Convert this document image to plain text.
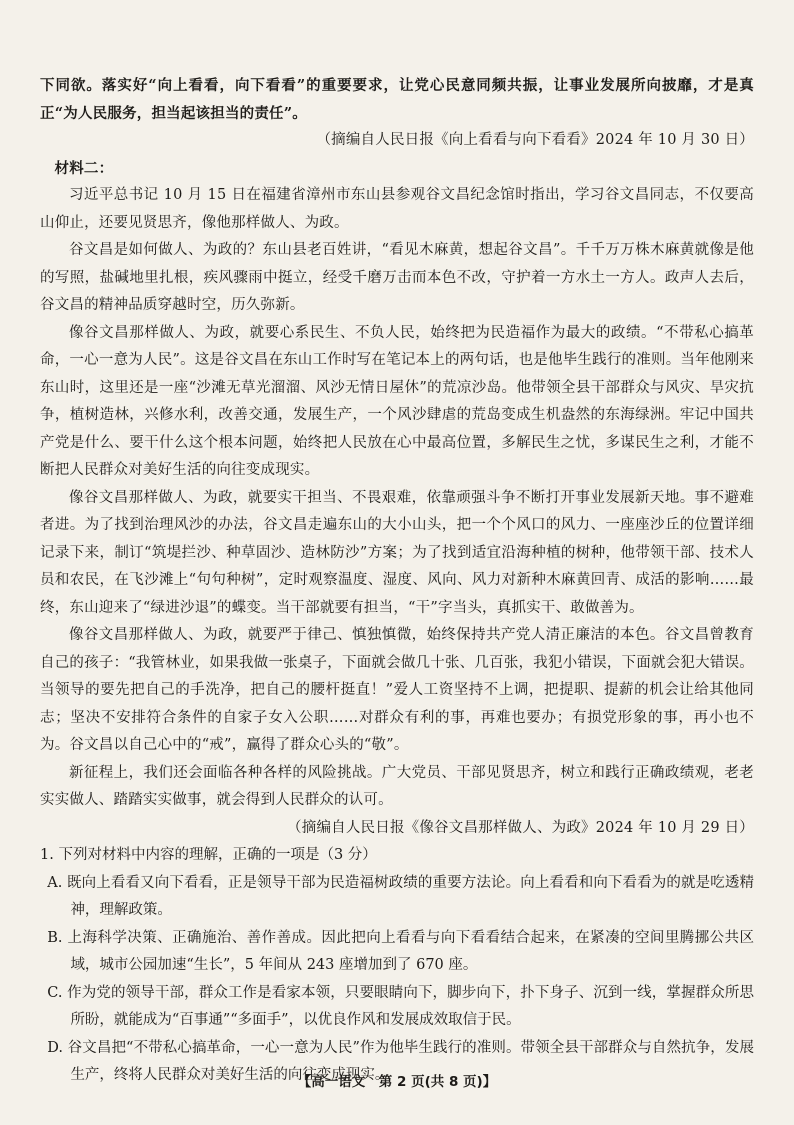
下同欲。落实好“向上看看，向下看看”的重要要求，让党心民意同频共振，让事业发展所向披靡，才是真正“为人民服务，担当起该担当的责任”。

（摘编自人民日报《向上看看与向下看看》2024 年 10 月 30 日）

材料二：

习近平总书记 10 月 15 日在福建省漳州市东山县参观谷文昌纪念馆时指出，学习谷文昌同志，不仅要高山仰止，还要见贤思齐，像他那样做人、为政。

谷文昌是如何做人、为政的？东山县老百姓讲，“看见木麻黄，想起谷文昌”。千千万万株木麻黄就像是他的写照，盐碱地里扎根，疾风骤雨中挺立，经受千磨万击而本色不改，守护着一方水土一方人。政声人去后，谷文昌的精神品质穿越时空，历久弥新。

像谷文昌那样做人、为政，就要心系民生、不负人民，始终把为民造福作为最大的政绩。“不带私心搞革命，一心一意为人民”。这是谷文昌在东山工作时写在笔记本上的两句话，也是他毕生践行的准则。当年他刚来东山时，这里还是一座“沙滩无草光溜溜、风沙无情日屋休”的荒凉沙岛。他带领全县干部群众与风灾、旱灾抗争，植树造林，兴修水利，改善交通，发展生产，一个风沙肆虐的荒岛变成生机盎然的东海绿洲。牢记中国共产党是什么、要干什么这个根本问题，始终把人民放在心中最高位置，多解民生之忧，多谋民生之利，才能不断把人民群众对美好生活的向往变成现实。

像谷文昌那样做人、为政，就要实干担当、不畏艰难，依靠顽强斗争不断打开事业发展新天地。事不避难者进。为了找到治理风沙的办法，谷文昌走遍东山的大小山头，把一个个风口的风力、一座座沙丘的位置详细记录下来，制订“筑堤拦沙、种草固沙、造林防沙”方案；为了找到适宜沿海种植的树种，他带领干部、技术人员和农民，在飞沙滩上“句句种树”，定时观察温度、湿度、风向、风力对新种木麻黄回青、成活的影响……最终，东山迎来了“绿进沙退”的蝶变。当干部就要有担当，“干”字当头，真抓实干、敢做善为。

像谷文昌那样做人、为政，就要严于律己、慎独慎微，始终保持共产党人清正廉洁的本色。谷文昌曾教育自己的孩子：“我管林业，如果我做一张桌子，下面就会做几十张、几百张，我犯小错误，下面就会犯大错误。当领导的要先把自己的手洗净，把自己的腰杆挺直！”爱人工资坚持不上调，把提职、提薪的机会让给其他同志；坚决不安排符合条件的自家子女入公职……对群众有利的事，再难也要办；有损党形象的事，再小也不为。谷文昌以自己心中的“戒”，赢得了群众心头的“敬”。

新征程上，我们还会面临各种各样的风险挑战。广大党员、干部见贤思齐，树立和践行正确政绩观，老老实实做人、踏踏实实做事，就会得到人民群众的认可。

（摘编自人民日报《像谷文昌那样做人、为政》2024 年 10 月 29 日）

1. 下列对材料中内容的理解，正确的一项是（3 分）

A. 既向上看看又向下看看，正是领导干部为民造福树政绩的重要方法论。向上看看和向下看看为的就是吃透精神，理解政策。

B. 上海科学决策、正确施治、善作善成。因此把向上看看与向下看看结合起来，在紧凑的空间里腾挪公共区域，城市公园加速“生长”，5 年间从 243 座增加到了 670 座。

C. 作为党的领导干部，群众工作是看家本领，只要眼睛向下，脚步向下，扑下身子、沉到一线，掌握群众所思所盼，就能成为“百事通”“多面手”，以优良作风和发展成效取信于民。

D. 谷文昌把“不带私心搞革命，一心一意为人民”作为他毕生践行的准则。带领全县干部群众与自然抗争，发展生产，终将人民群众对美好生活的向往变成现实。

【高一语文　第 2 页(共 8 页)】
